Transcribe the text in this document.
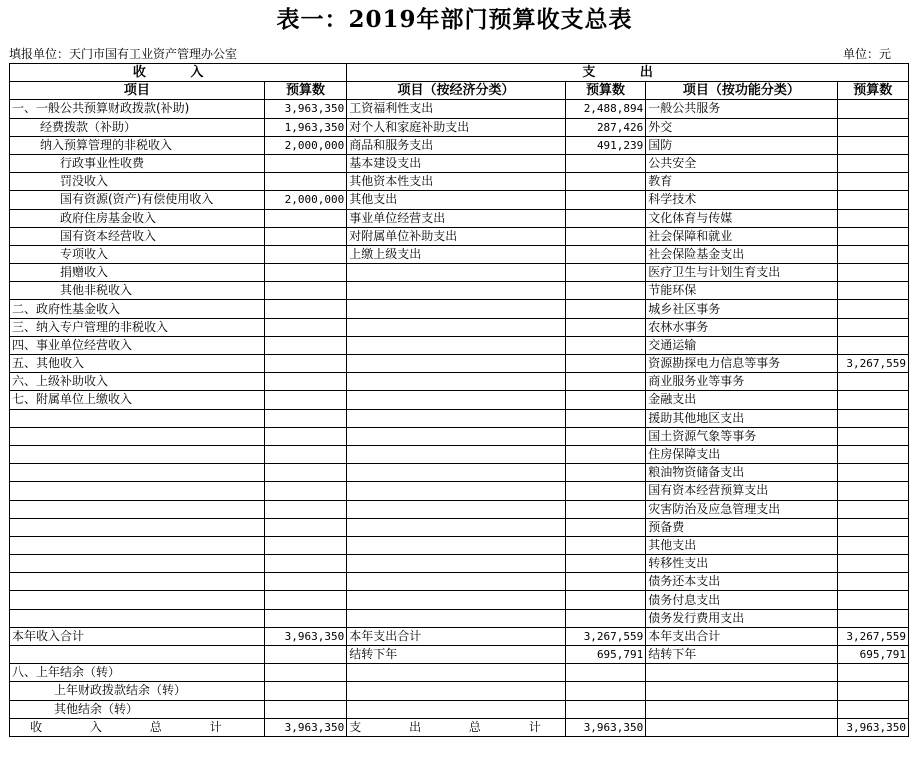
表一：2019年部门预算收支总表
填报单位：天门市国有工业资产管理办公室	单位：元
收 入		支 出			
项目	预算数	项目（按经济分类）	预算数	项目（按功能分类）	预算数
一、一般公共预算财政拨款(补助)	3,963,350	工资福利性支出	2,488,894	一般公共服务	
经费拨款（补助）	1,963,350	对个人和家庭补助支出	287,426	外交	
纳入预算管理的非税收入	2,000,000	商品和服务支出	491,239	国防	
行政事业性收费		基本建设支出		公共安全	
罚没收入		其他资本性支出		教育	
国有资源(资产)有偿使用收入	2,000,000	其他支出		科学技术	
政府住房基金收入		事业单位经营支出		文化体育与传媒	
国有资本经营收入		对附属单位补助支出		社会保障和就业	
专项收入		上缴上级支出		社会保险基金支出	
捐赠收入				医疗卫生与计划生育支出	
其他非税收入				节能环保	
二、政府性基金收入				城乡社区事务	
三、纳入专户管理的非税收入				农林水事务	
四、事业单位经营收入				交通运输	
五、其他收入				资源勘探电力信息等事务	3,267,559
六、上级补助收入				商业服务业等事务	
七、附属单位上缴收入				金融支出	
				援助其他地区支出	
				国土资源气象等事务	
				住房保障支出	
				粮油物资储备支出	
				国有资本经营预算支出	
				灾害防治及应急管理支出	
				预备费	
				其他支出	
				转移性支出	
				债务还本支出	
				债务付息支出	
				债务发行费用支出	
本年收入合计	3,963,350	本年支出合计	3,267,559	本年支出合计	3,267,559
		结转下年	695,791	结转下年	695,791
八、上年结余（转）					
上年财政拨款结余（转）					
其他结余（转）					
收 入 总 计	3,963,350	支 出 总 计	3,963,350		3,963,350
